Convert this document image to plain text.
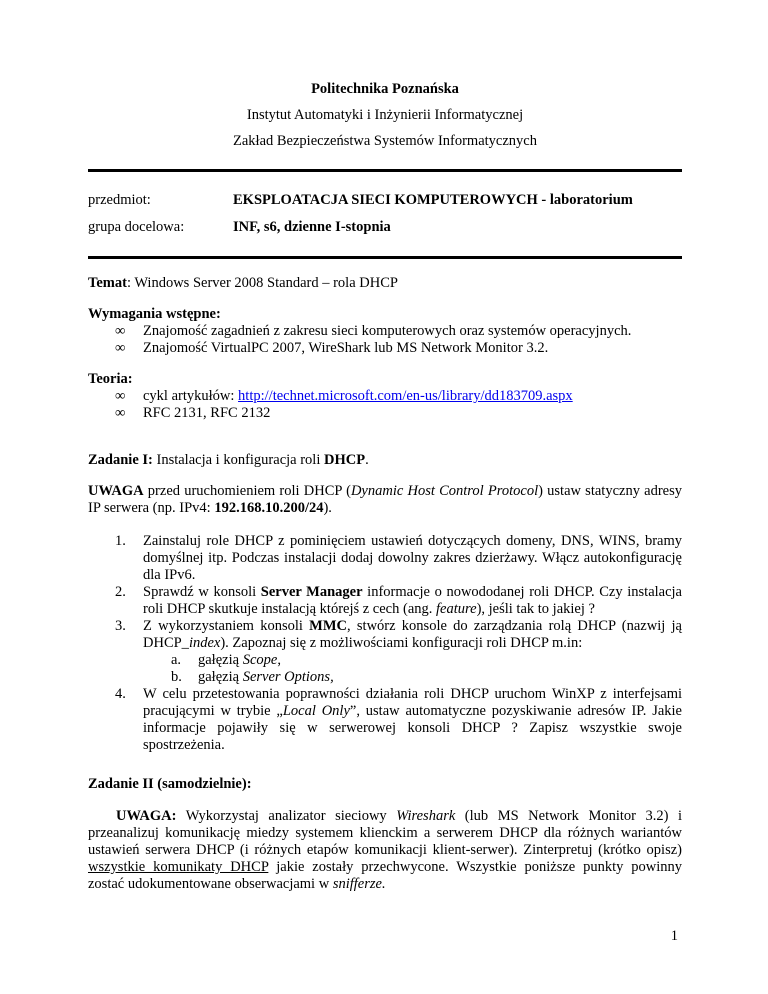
Politechnika Poznańska
Instytut Automatyki i Inżynierii Informatycznej
Zakład Bezpieczeństwa Systemów Informatycznych
przedmiot:	EKSPLOATACJA SIECI KOMPUTEROWYCH - laboratorium
grupa docelowa:	INF, s6, dzienne I-stopnia

Temat: Windows Server 2008 Standard – rola DHCP

Wymagania wstępne:

∞	Znajomość zagadnień z zakresu sieci komputerowych oraz systemów operacyjnych.
∞	Znajomość VirtualPC 2007, WireShark lub MS Network Monitor 3.2.

Teoria:

∞	cykl artykułów: http://technet.microsoft.com/en-us/library/dd183709.aspx
∞	RFC 2131, RFC 2132

Zadanie I: Instalacja i konfiguracja roli DHCP.

UWAGA przed uruchomieniem roli DHCP (Dynamic Host Control Protocol) ustaw statyczny adresy IP serwera (np. IPv4: 192.168.10.200/24).

1.	Zainstaluj role DHCP z pominięciem ustawień dotyczących domeny, DNS, WINS, bramy domyślnej itp. Podczas instalacji dodaj dowolny zakres dzierżawy. Włącz autokonfigurację dla IPv6.
2.	Sprawdź w konsoli Server Manager informacje o nowododanej roli DHCP. Czy instalacja roli DHCP skutkuje instalacją którejś z cech (ang. feature), jeśli tak to jakiej ?
3.	Z wykorzystaniem konsoli MMC, stwórz konsole do zarządzania rolą DHCP (nazwij ją DHCP_index). Zapoznaj się z możliwościami konfiguracji roli DHCP m.in:
a.	gałęzią Scope,
b.	gałęzią Server Options,
4.	W celu przetestowania poprawności działania roli DHCP uruchom WinXP z interfejsami pracującymi w trybie „Local Only”, ustaw automatyczne pozyskiwanie adresów IP. Jakie informacje pojawiły się w serwerowej konsoli DHCP ? Zapisz wszystkie swoje spostrzeżenia.

Zadanie II (samodzielnie):

UWAGA: Wykorzystaj analizator sieciowy Wireshark (lub MS Network Monitor 3.2) i przeanalizuj komunikację miedzy systemem klienckim a serwerem DHCP dla różnych wariantów ustawień serwera DHCP (i różnych etapów komunikacji klient-serwer). Zinterpretuj (krótko opisz) wszystkie komunikaty DHCP jakie zostały przechwycone. Wszystkie poniższe punkty powinny zostać udokumentowane obserwacjami w snifferze.

1
